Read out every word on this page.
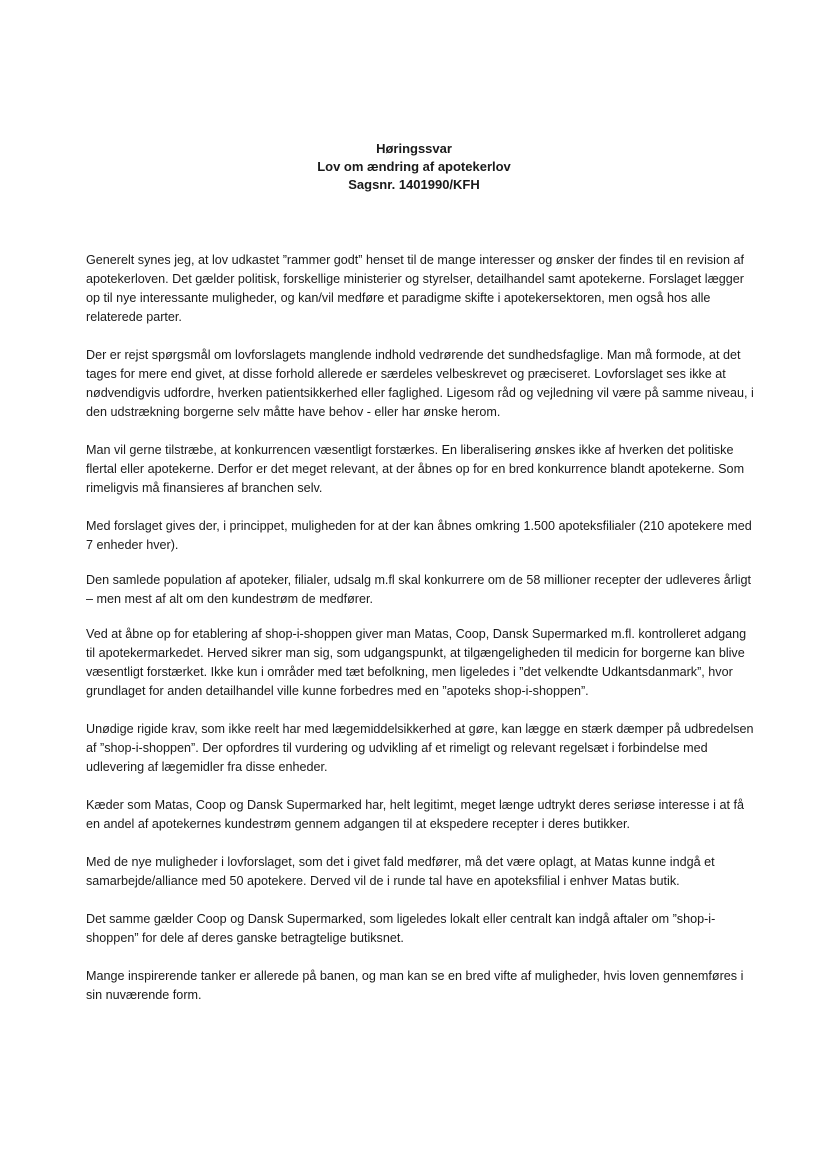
Høringssvar
Lov om ændring af apotekerlov
Sagsnr. 1401990/KFH

Generelt synes jeg, at lov udkastet ”rammer godt” henset til de mange interesser og ønsker der findes til en revision af apotekerloven. Det gælder politisk, forskellige ministerier og styrelser, detailhandel samt apotekerne. Forslaget lægger op til nye interessante muligheder, og kan/vil medføre et paradigme skifte i apotekersektoren, men også hos alle relaterede parter.

Der er rejst spørgsmål om lovforslagets manglende indhold vedrørende det sundhedsfaglige. Man må formode, at det tages for mere end givet, at disse forhold allerede er særdeles velbeskrevet og præciseret. Lovforslaget ses ikke at nødvendigvis udfordre, hverken patientsikkerhed eller faglighed. Ligesom råd og vejledning vil være på samme niveau, i den udstrækning borgerne selv måtte have behov - eller har ønske herom.

Man vil gerne tilstræbe, at konkurrencen væsentligt forstærkes. En liberalisering ønskes ikke af hverken det politiske flertal eller apotekerne. Derfor er det meget relevant, at der åbnes op for en bred konkurrence blandt apotekerne. Som rimeligvis må finansieres af branchen selv.

Med forslaget gives der, i princippet, muligheden for at der kan åbnes omkring 1.500 apoteksfilialer (210 apotekere med 7 enheder hver).

Den samlede population af apoteker, filialer, udsalg m.fl skal konkurrere om de 58 millioner recepter der udleveres årligt – men mest af alt om den kundestrøm de medfører.

Ved at åbne op for etablering af shop-i-shoppen giver man Matas, Coop, Dansk Supermarked m.fl. kontrolleret adgang til apotekermarkedet. Herved sikrer man sig, som udgangspunkt, at tilgængeligheden til medicin for borgerne kan blive væsentligt forstærket. Ikke kun i områder med tæt befolkning, men ligeledes i ”det velkendte Udkantsdanmark”, hvor grundlaget for anden detailhandel ville kunne forbedres med en ”apoteks shop-i-shoppen”.

Unødige rigide krav, som ikke reelt har med lægemiddelsikkerhed at gøre, kan lægge en stærk dæmper på udbredelsen af ”shop-i-shoppen”. Der opfordres til vurdering og udvikling af et rimeligt og relevant regelsæt i forbindelse med udlevering af lægemidler fra disse enheder.

Kæder som Matas, Coop og Dansk Supermarked har, helt legitimt, meget længe udtrykt deres seriøse interesse i at få en andel af apotekernes kundestrøm gennem adgangen til at ekspedere recepter i deres butikker.

Med de nye muligheder i lovforslaget, som det i givet fald medfører, må det være oplagt, at Matas kunne indgå et samarbejde/alliance med 50 apotekere. Derved vil de i runde tal have en apoteksfilial i enhver Matas butik.

Det samme gælder Coop og Dansk Supermarked, som ligeledes lokalt eller centralt kan indgå aftaler om ”shop-i-shoppen” for dele af deres ganske betragtelige butiksnet.

Mange inspirerende tanker er allerede på banen, og man kan se en bred vifte af muligheder, hvis loven gennemføres i sin nuværende form.
